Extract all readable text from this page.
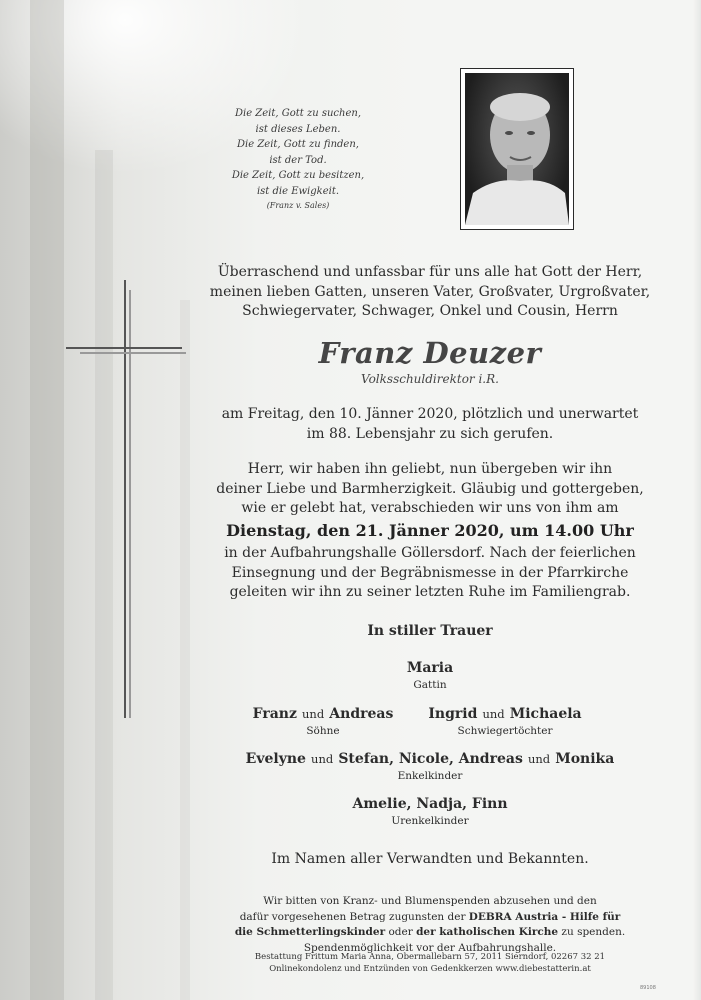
Die Zeit, Gott zu suchen,
ist dieses Leben.
Die Zeit, Gott zu finden,
ist der Tod.
Die Zeit, Gott zu besitzen,
ist die Ewigkeit.
(Franz v. Sales)
Überraschend und unfassbar für uns alle hat Gott der Herr,
meinen lieben Gatten, unseren Vater, Großvater, Urgroßvater,
Schwiegervater, Schwager, Onkel und Cousin, Herrn
Franz Deuzer
Volksschuldirektor i.R.
am Freitag, den 10. Jänner 2020, plötzlich und unerwartet
im 88. Lebensjahr zu sich gerufen.
Herr, wir haben ihn geliebt, nun übergeben wir ihn
deiner Liebe und Barmherzigkeit. Gläubig und gottergeben,
wie er gelebt hat, verabschieden wir uns von ihm am
Dienstag, den 21. Jänner 2020, um 14.00 Uhr
in der Aufbahrungshalle Göllersdorf. Nach der feierlichen
Einsegnung und der Begräbnismesse in der Pfarrkirche
geleiten wir ihn zu seiner letzten Ruhe im Familiengrab.
In stiller Trauer
Maria
Gattin
Franz und Andreas
Söhne
Ingrid und Michaela
Schwiegertöchter
Evelyne und Stefan, Nicole, Andreas und Monika
Enkelkinder
Amelie, Nadja, Finn
Urenkelkinder
Im Namen aller Verwandten und Bekannten.
Wir bitten von Kranz- und Blumenspenden abzusehen und den
dafür vorgesehenen Betrag zugunsten der DEBRA Austria - Hilfe für
die Schmetterlingskinder oder der katholischen Kirche zu spenden.
Spendenmöglichkeit vor der Aufbahrungshalle.
Bestattung Frittum Maria Anna, Obermallebarn 57, 2011 Sierndorf, 02267 32 21
Onlinekondolenz und Entzünden von Gedenkkerzen www.diebestatterin.at
89108
